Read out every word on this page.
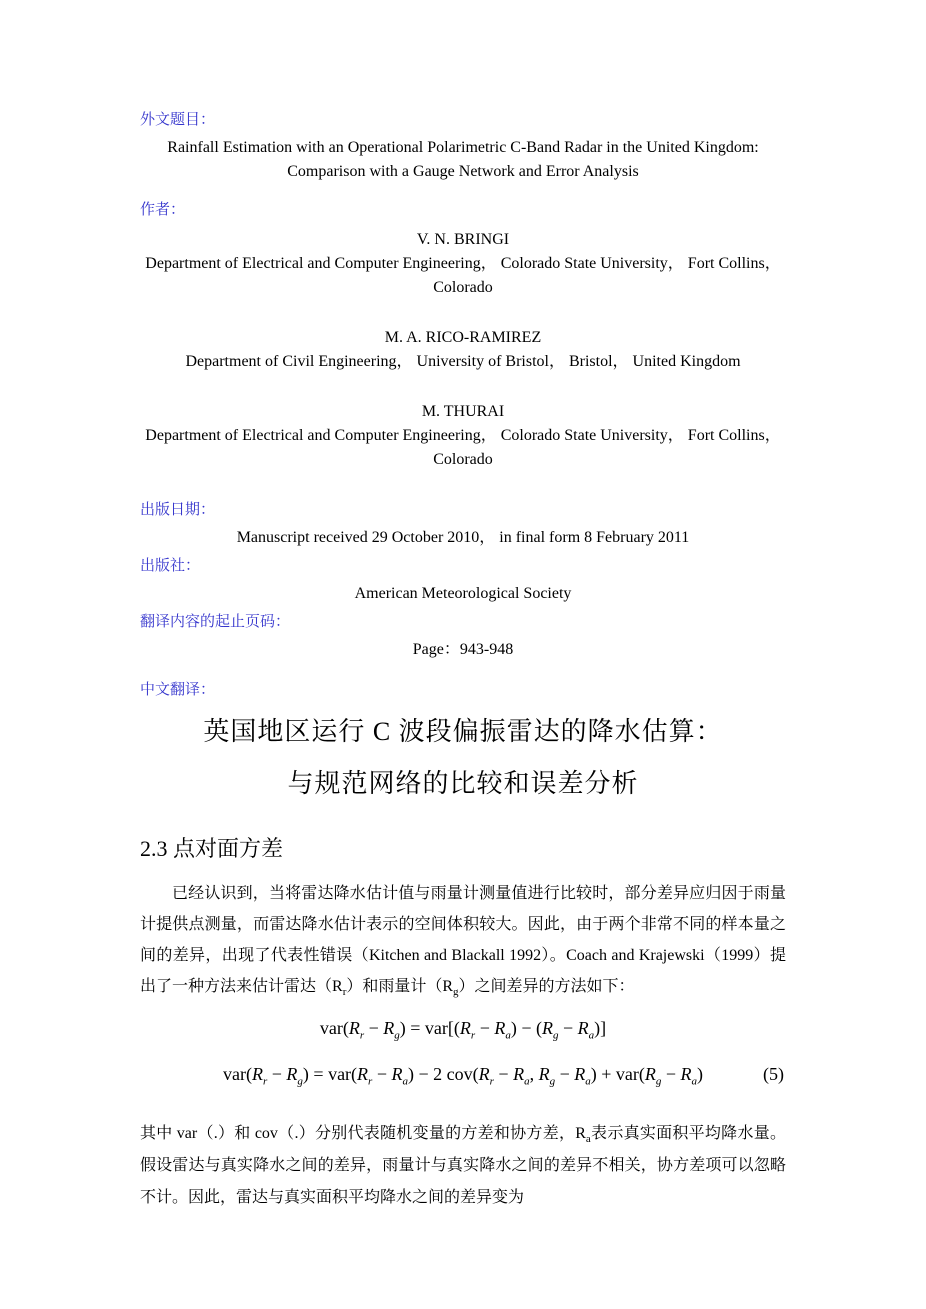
外文题目：
Rainfall Estimation with an Operational Polarimetric C-Band Radar in the United Kingdom:
Comparison with a Gauge Network and Error Analysis
作者：
V. N. BRINGI
Department of Electrical and Computer Engineering， Colorado State University， Fort Collins，
Colorado
M. A. RICO-RAMIREZ
Department of Civil Engineering， University of Bristol， Bristol， United Kingdom
M. THURAI
Department of Electrical and Computer Engineering， Colorado State University， Fort Collins，
Colorado
出版日期：
Manuscript received 29 October 2010， in final form 8 February 2011
出版社：
American Meteorological Society
翻译内容的起止页码：
Page：943-948
中文翻译：
英国地区运行 C 波段偏振雷达的降水估算：
与规范网络的比较和误差分析
2.3 点对面方差

已经认识到，当将雷达降水估计值与雨量计测量值进行比较时，部分差异应归因于雨量计提供点测量，而雷达降水估计表示的空间体积较大。因此，由于两个非常不同的样本量之间的差异，出现了代表性错误（Kitchen and Blackall 1992）。Coach and Krajewski（1999）提出了一种方法来估计雷达$(R_r)$和雨量计$(R_g)$之间差异的方法如下：

$var(R_r - R_g) = var[(R_r - R_a) - (R_g - R_a)]$
$var(R_r - R_g) = var(R_r - R_a) - 2$ $cov(R_r - R_a$, $R_g - R_a) + var(R_g - R_a)$	(5)

其中 var（.）和 cov（.）分别代表随机变量的方差和协方差，$R_a$表示真实面积平均降水量。假设雷达与真实降水之间的差异，雨量计与真实降水之间的差异不相关，协方差项可以忽略不计。因此，雷达与真实面积平均降水之间的差异变为
